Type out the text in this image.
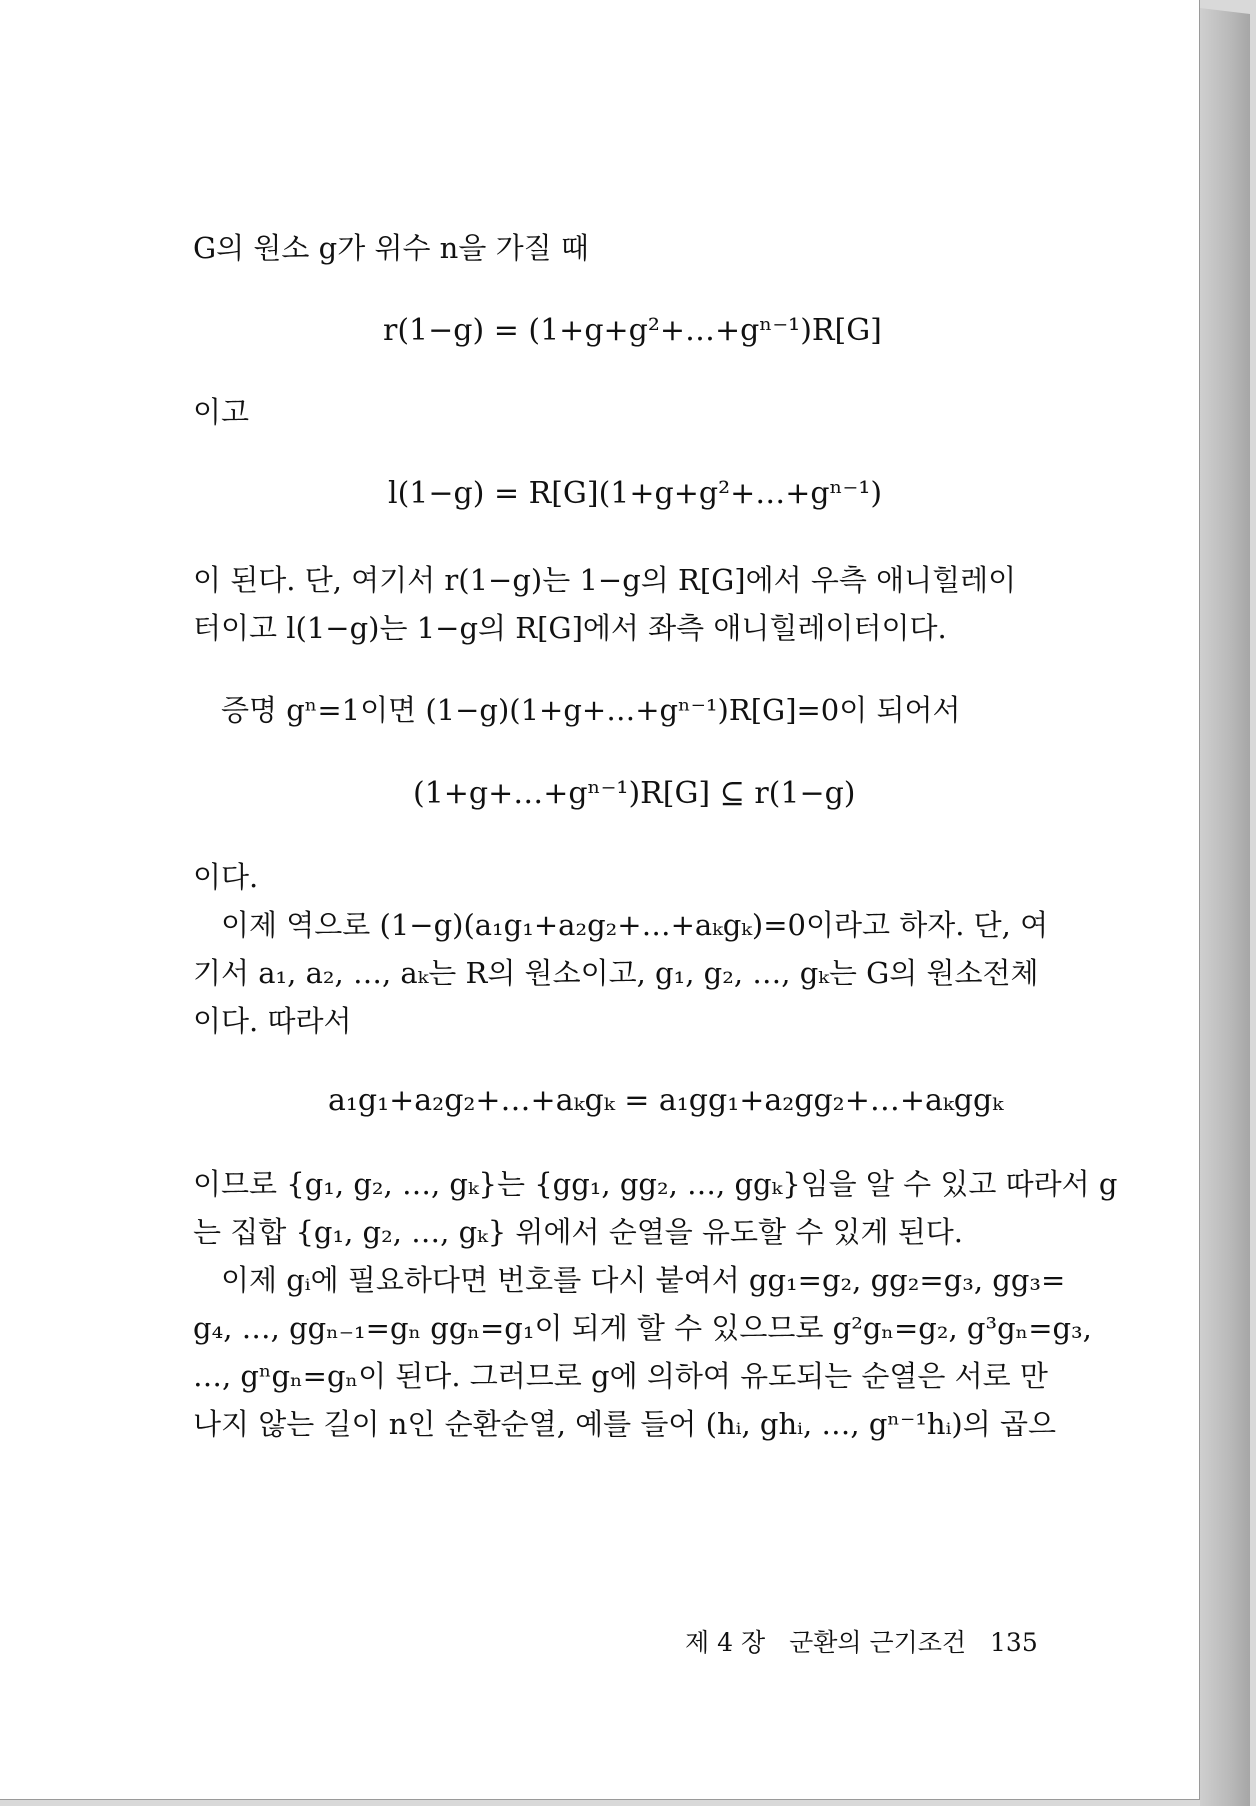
G의 원소 g가 위수 n을 가질 때
r(1−g) = (1+g+g²+…+gⁿ⁻¹)R[G]
이고
l(1−g) = R[G](1+g+g²+…+gⁿ⁻¹)
이 된다. 단, 여기서 r(1−g)는 1−g의 R[G]에서 우측 애니힐레이
터이고 l(1−g)는 1−g의 R[G]에서 좌측 애니힐레이터이다.
증명 gⁿ=1이면 (1−g)(1+g+…+gⁿ⁻¹)R[G]=0이 되어서
(1+g+…+gⁿ⁻¹)R[G] ⊆ r(1−g)
이다.
이제 역으로 (1−g)(a₁g₁+a₂g₂+…+aₖgₖ)=0이라고 하자. 단, 여
기서 a₁, a₂, …, aₖ는 R의 원소이고, g₁, g₂, …, gₖ는 G의 원소전체
이다. 따라서
a₁g₁+a₂g₂+…+aₖgₖ = a₁gg₁+a₂gg₂+…+aₖggₖ
이므로 {g₁, g₂, …, gₖ}는 {gg₁, gg₂, …, ggₖ}임을 알 수 있고 따라서 g
는 집합 {g₁, g₂, …, gₖ} 위에서 순열을 유도할 수 있게 된다.
이제 gᵢ에 필요하다면 번호를 다시 붙여서 gg₁=g₂, gg₂=g₃, gg₃=
g₄, …, ggₙ₋₁=gₙ ggₙ=g₁이 되게 할 수 있으므로 g²gₙ=g₂, g³gₙ=g₃,
…, gⁿgₙ=gₙ이 된다. 그러므로 g에 의하여 유도되는 순열은 서로 만
나지 않는 길이 n인 순환순열, 예를 들어 (hᵢ, ghᵢ, …, gⁿ⁻¹hᵢ)의 곱으
제 4 장 군환의 근기조건 135
